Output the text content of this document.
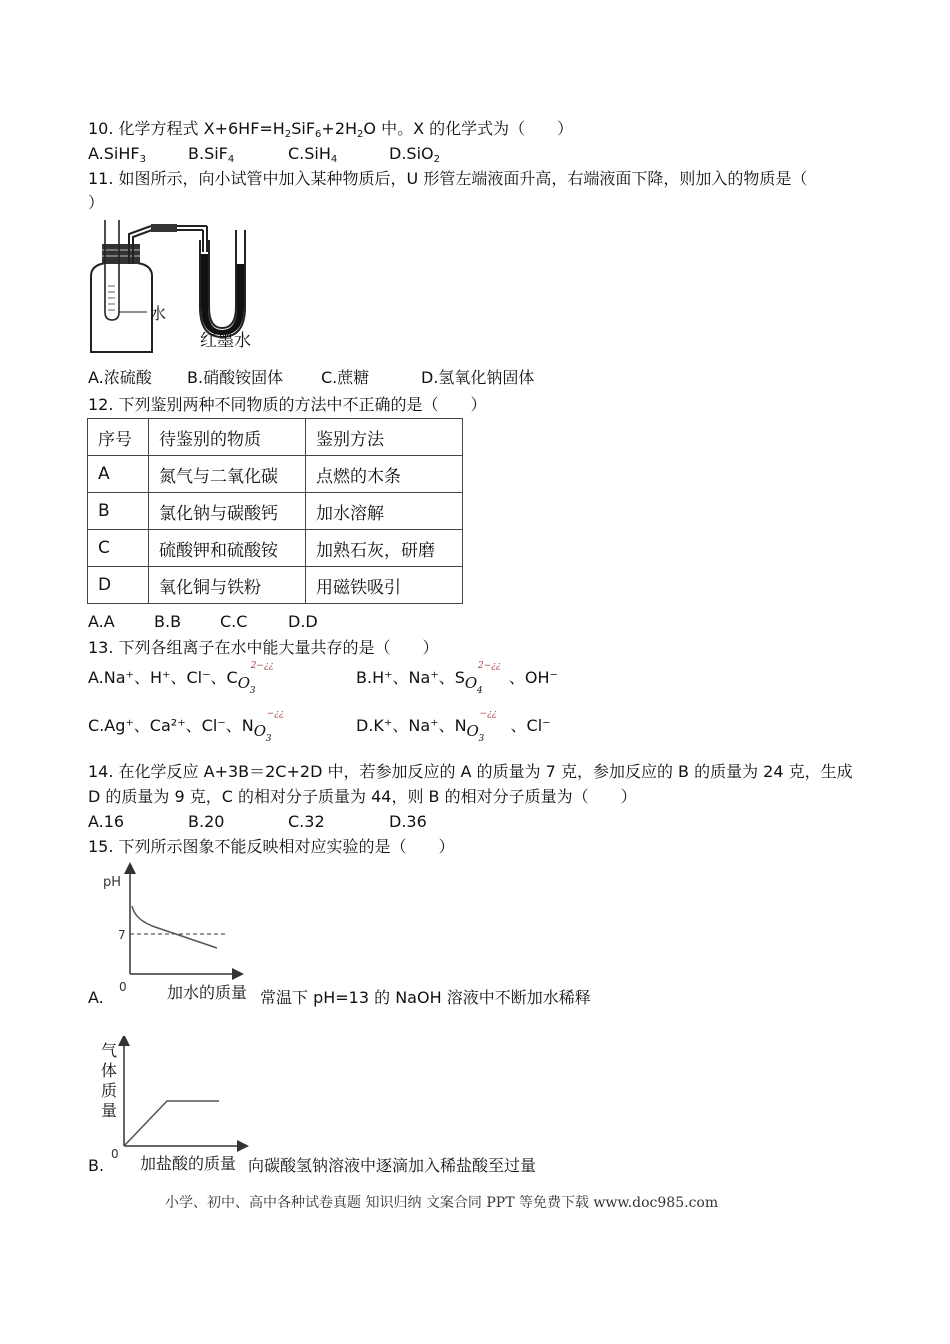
10. 化学方程式 $X+6HF=H_2SiF_6+2H_2O$ 中。X 的化学式为（　　）
A.SiHF$_3$	B.SiF$_4$	C.SiH$_4$	D.SiO$_2$
11. 如图所示，向小试管中加入某种物质后，U 形管左端液面升高，右端液面下降，则加入的物质是（
）
水
红墨水
A.浓硫酸 B.硝酸铵固体 C.蔗糖	D.氢氧化钠固体
12. 下列鉴别两种不同物质的方法中不正确的是（　　）
序号	待鉴别的物质	鉴别方法
A	氮气与二氧化碳	点燃的木条
B	氯化钠与碳酸钙	加水溶解
C	硫酸钾和硫酸铵	加熟石灰，研磨
D	氧化铜与铁粉	用磁铁吸引
A.A B.B C.C	D.D
13. 下列各组离子在水中能大量共存的是（　　）
A.Na⁺、H⁺、Cl⁻、C O 3
2−¿¿
B.H⁺、Na⁺、S O 4
2−¿¿
、OH⁻
C.Ag⁺、Ca²⁺、Cl⁻、N O 3
−¿¿
D.K⁺、Na⁺、N O 3
−¿¿
、Cl⁻
14. 在化学反应 A+3B＝2C+2D 中，若参加反应的 A 的质量为 7 克，参加反应的 B 的质量为 24 克，生成
D 的质量为 9 克，C 的相对分子质量为 44，则 B 的相对分子质量为（　　）
A.16	B.20	C.32	D.36
15. 下列所示图象不能反映相对应实验的是（　　）
pH
7
0
A.	加水的质量 常温下 pH=13 的 NaOH 溶液中不断加水稀释
0
气体质量
B. 加盐酸的质量 向碳酸氢钠溶液中逐滴加入稀盐酸至过量
小学、初中、高中各种试卷真题 知识归纳 文案合同 PPT 等免费下载 www.doc985.com
